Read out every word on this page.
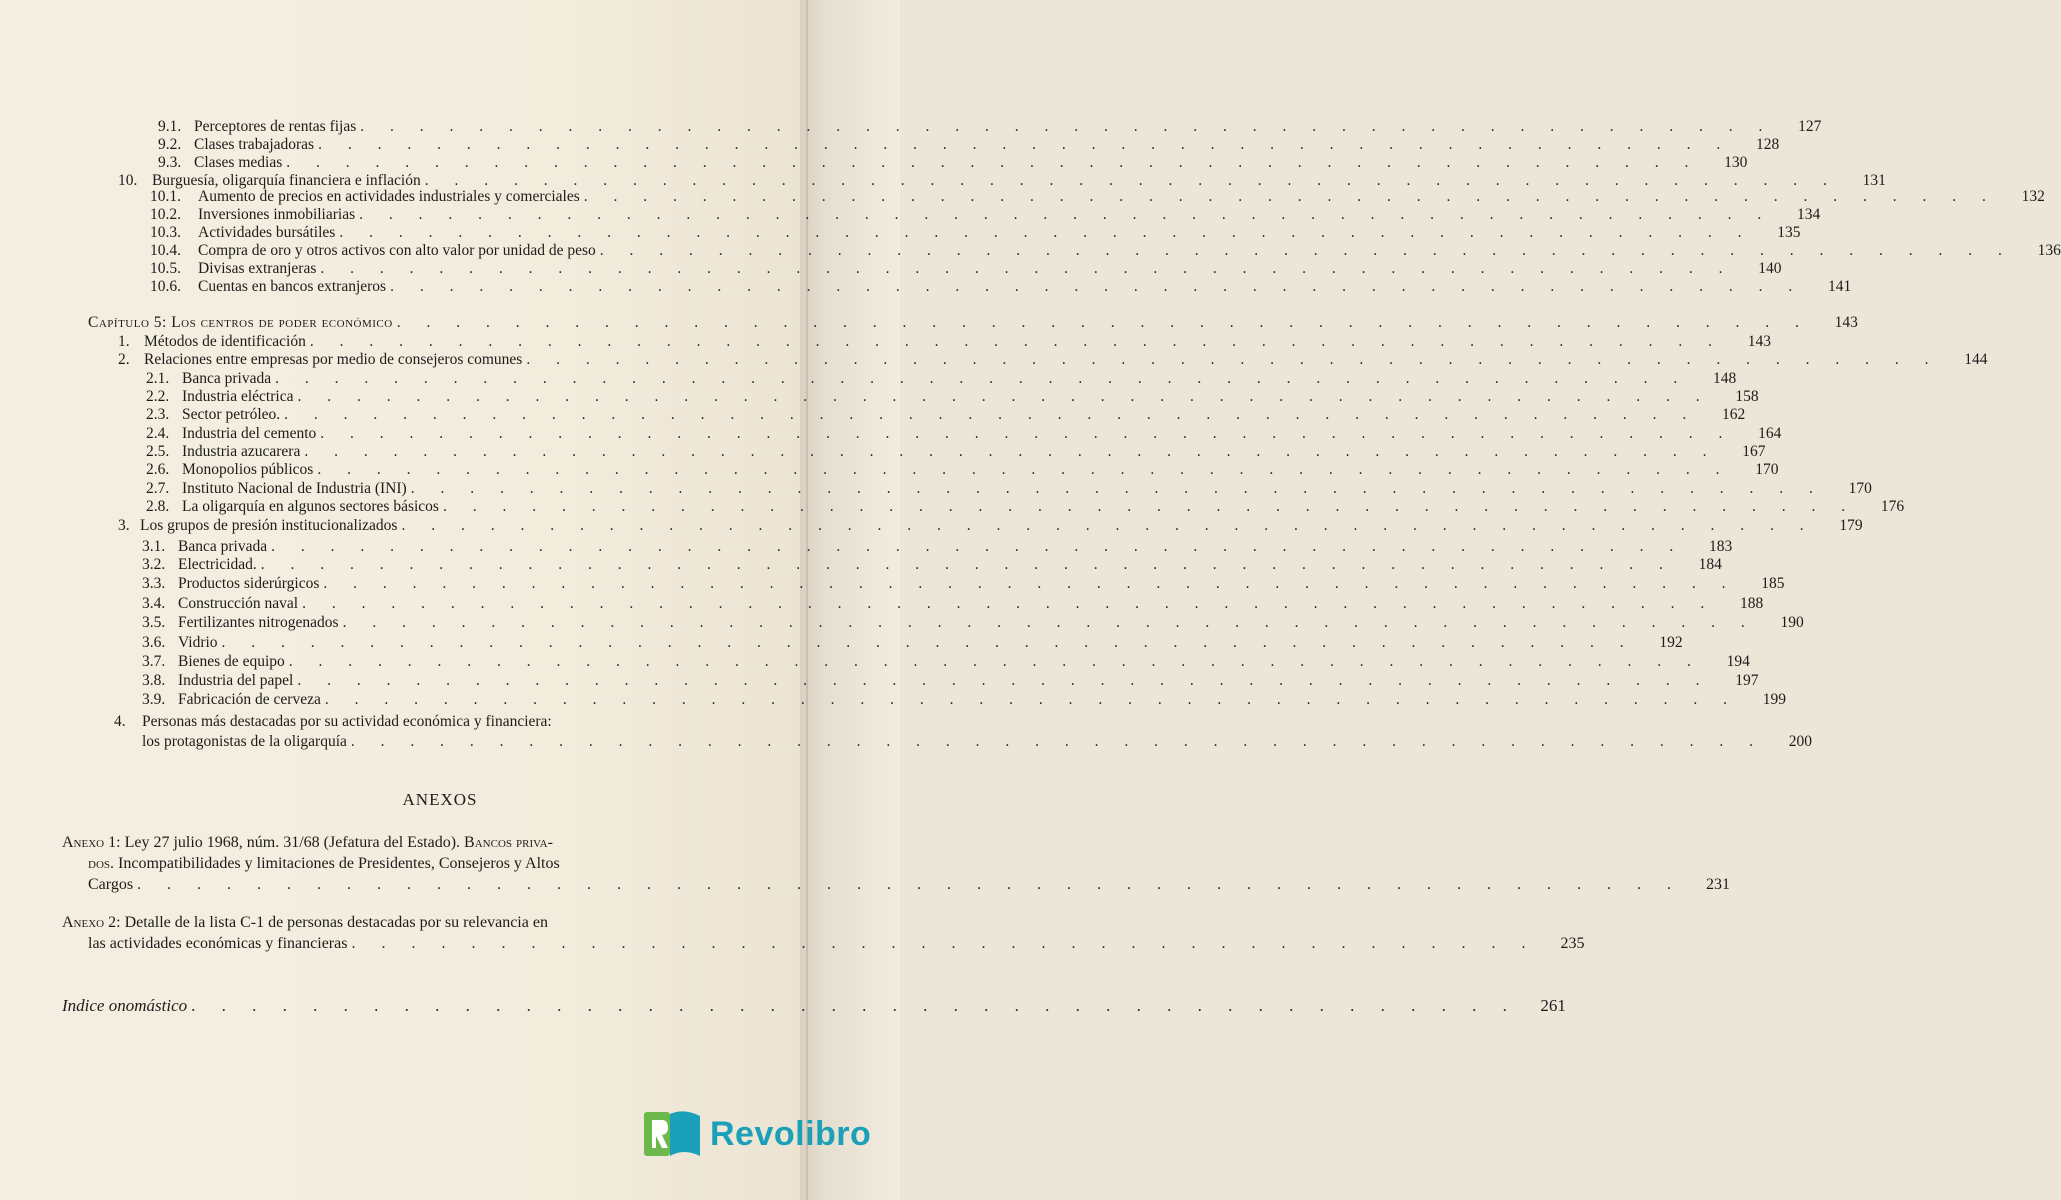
9.1. Perceptores de rentas fijas . . . . . . . . . . . . . . . . . . . . . . . . . . . . . . . . . . . . . . . . . . . . . . . .	127
9.2. Clases trabajadoras . . . . . . . . . . . . . . . . . . . . . . . . . . . . . . . . . . . . . . . . . . . . . . . .	128
9.3. Clases medias . . . . . . . . . . . . . . . . . . . . . . . . . . . . . . . . . . . . . . . . . . . . . . . .	130
10. Burguesía, oligarquía financiera e inflación . . . . . . . . . . . . . . . . . . . . . . . . . . . . . . . . . . . . . . . . . . . . . . . .	131
10.1.	Aumento de precios en actividades industriales y comerciales . . . . . . . . . . . . . . . . . . . . . . . . . . . . . . . . . . . . . . . . . . . . . . . .	132
10.2.	Inversiones inmobiliarias . . . . . . . . . . . . . . . . . . . . . . . . . . . . . . . . . . . . . . . . . . . . . . . .	134
10.3.	Actividades bursátiles . . . . . . . . . . . . . . . . . . . . . . . . . . . . . . . . . . . . . . . . . . . . . . . .	135
10.4.	Compra de oro y otros activos con alto valor por unidad de peso . . . . . . . . . . . . . . . . . . . . . . . . . . . . . . . . . . . . . . . . . . . . . . . .	136
10.5.	Divisas extranjeras . . . . . . . . . . . . . . . . . . . . . . . . . . . . . . . . . . . . . . . . . . . . . . . .	140
10.6.	Cuentas en bancos extranjeros . . . . . . . . . . . . . . . . . . . . . . . . . . . . . . . . . . . . . . . . . . . . . . . .	141
Capítulo 5: Los centros de poder económico . . . . . . . . . . . . . . . . . . . . . . . . . . . . . . . . . . . . . . . . . . . . . . . .	143
1. Métodos de identificación . . . . . . . . . . . . . . . . . . . . . . . . . . . . . . . . . . . . . . . . . . . . . . . .	143
2. Relaciones entre empresas por medio de consejeros comunes . . . . . . . . . . . . . . . . . . . . . . . . . . . . . . . . . . . . . . . . . . . . . . . .	144
2.1. Banca privada . . . . . . . . . . . . . . . . . . . . . . . . . . . . . . . . . . . . . . . . . . . . . . . .	148
2.2. Industria eléctrica . . . . . . . . . . . . . . . . . . . . . . . . . . . . . . . . . . . . . . . . . . . . . . . .	158
2.3. Sector petróleo. . . . . . . . . . . . . . . . . . . . . . . . . . . . . . . . . . . . . . . . . . . . . . . . .	162
2.4. Industria del cemento . . . . . . . . . . . . . . . . . . . . . . . . . . . . . . . . . . . . . . . . . . . . . . . .	164
2.5. Industria azucarera . . . . . . . . . . . . . . . . . . . . . . . . . . . . . . . . . . . . . . . . . . . . . . . .	167
2.6. Monopolios públicos . . . . . . . . . . . . . . . . . . . . . . . . . . . . . . . . . . . . . . . . . . . . . . . .	170
2.7. Instituto Nacional de Industria (INI) . . . . . . . . . . . . . . . . . . . . . . . . . . . . . . . . . . . . . . . . . . . . . . . .	170
2.8. La oligarquía en algunos sectores básicos . . . . . . . . . . . . . . . . . . . . . . . . . . . . . . . . . . . . . . . . . . . . . . . .	176
3. Los grupos de presión institucionalizados . . . . . . . . . . . . . . . . . . . . . . . . . . . . . . . . . . . . . . . . . . . . . . . .	179
3.1. Banca privada . . . . . . . . . . . . . . . . . . . . . . . . . . . . . . . . . . . . . . . . . . . . . . . .	183
3.2. Electricidad. . . . . . . . . . . . . . . . . . . . . . . . . . . . . . . . . . . . . . . . . . . . . . . . .	184
3.3. Productos siderúrgicos . . . . . . . . . . . . . . . . . . . . . . . . . . . . . . . . . . . . . . . . . . . . . . . .	185
3.4. Construcción naval . . . . . . . . . . . . . . . . . . . . . . . . . . . . . . . . . . . . . . . . . . . . . . . .	188
3.5. Fertilizantes nitrogenados . . . . . . . . . . . . . . . . . . . . . . . . . . . . . . . . . . . . . . . . . . . . . . . .	190
3.6. Vidrio . . . . . . . . . . . . . . . . . . . . . . . . . . . . . . . . . . . . . . . . . . . . . . . .	192
3.7. Bienes de equipo . . . . . . . . . . . . . . . . . . . . . . . . . . . . . . . . . . . . . . . . . . . . . . . .	194
3.8. Industria del papel . . . . . . . . . . . . . . . . . . . . . . . . . . . . . . . . . . . . . . . . . . . . . . . .	197
3.9. Fabricación de cerveza . . . . . . . . . . . . . . . . . . . . . . . . . . . . . . . . . . . . . . . . . . . . . . . .	199
4.	Personas más destacadas por su actividad económica y financiera:
los protagonistas de la oligarquía . . . . . . . . . . . . . . . . . . . . . . . . . . . . . . . . . . . . . . . . . . . . . . . .	200
ANEXOS
Anexo 1:
Ley 27 julio 1968, núm. 31/68 (Jefatura del Estado).
Bancos priva-
dos.
Incompatibilidades y limitaciones de Presidentes, Consejeros y Altos
Cargos . . . . . . . . . . . . . . . . . . . . . . . . . . . . . . . . . . . . . . . . . . . . . . . . . . . .	231
Anexo 2:
Detalle de la lista C-1 de personas destacadas por su relevancia en
las actividades económicas y financieras . . . . . . . . . . . . . . . . . . . . . . . . . . . . . . . . . . . . . . . .	235
Indice onomástico . . . . . . . . . . . . . . . . . . . . . . . . . . . . . . . . . . . . . . . . . . . .	261
Revolibro
